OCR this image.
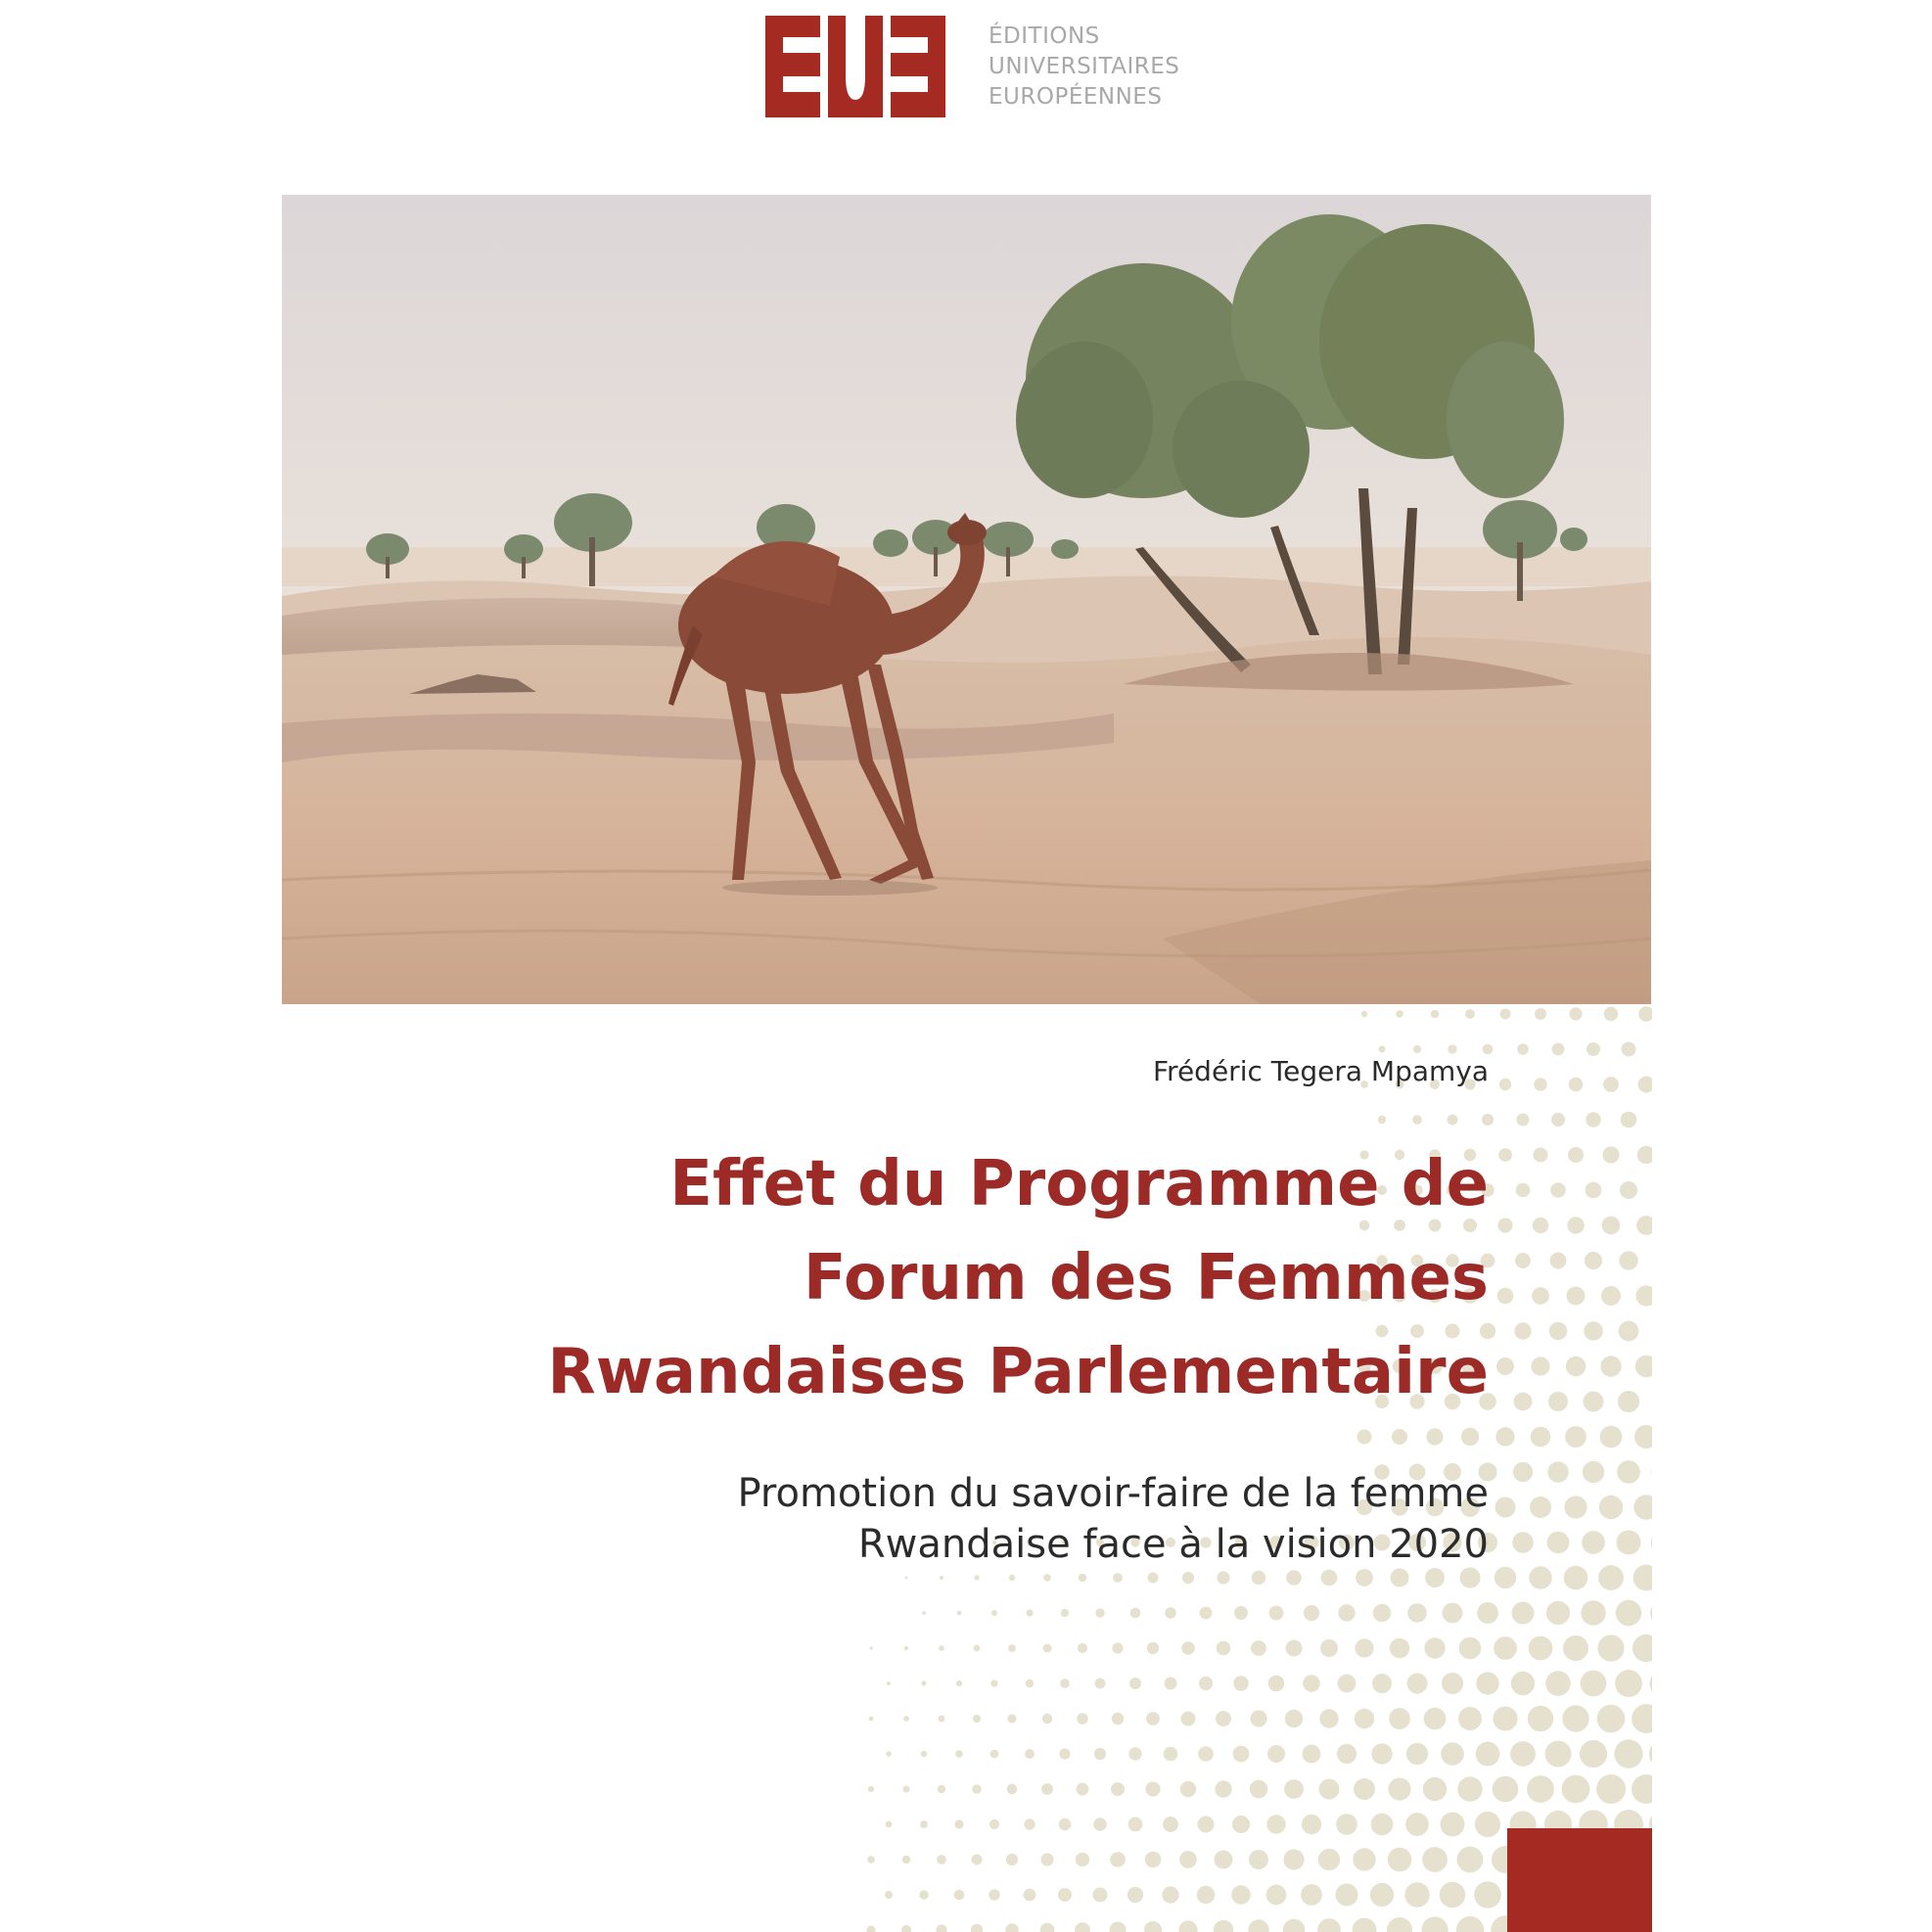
ÉDITIONS
UNIVERSITAIRES
EUROPÉENNES
Frédéric Tegera Mpamya
Effet du Programme de
Forum des Femmes
Rwandaises Parlementaire
Promotion du savoir-faire de la femme
Rwandaise face à la vision 2020
